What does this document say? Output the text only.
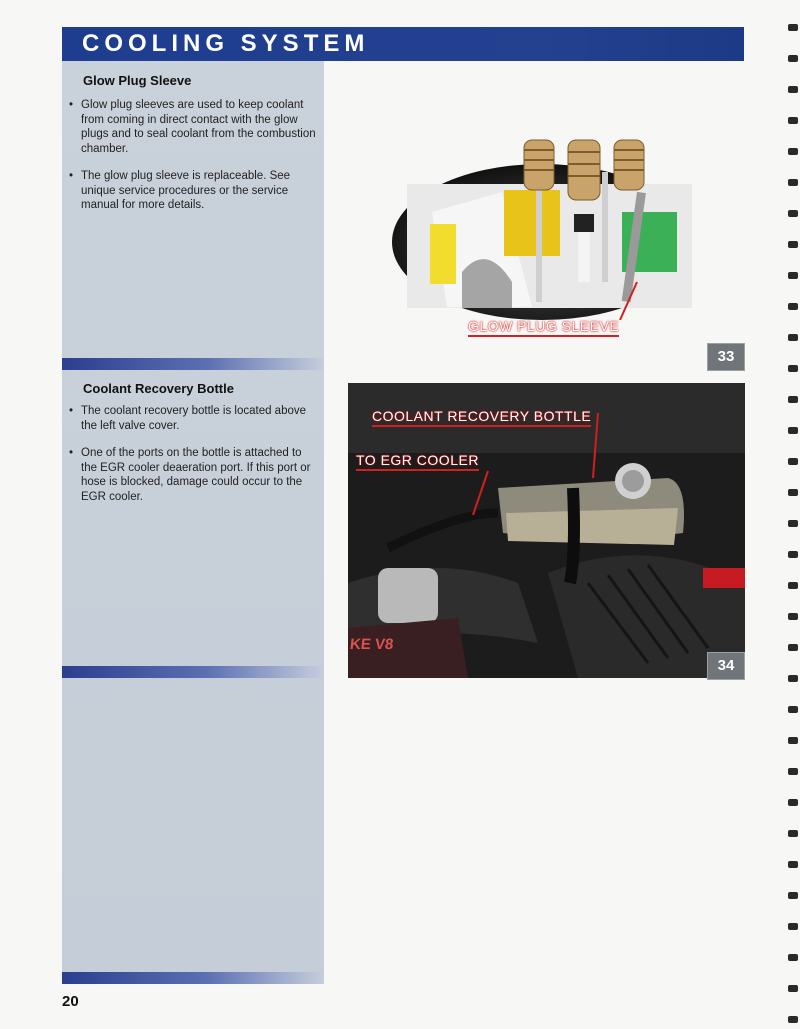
COOLING SYSTEM
Glow Plug Sleeve
• Glow plug sleeves are used to keep coolant from coming in direct contact with the glow plugs and to seal coolant from the combustion chamber.
• The glow plug sleeve is replaceable. See unique service procedures or the service manual for more details.
Coolant Recovery Bottle
• The coolant recovery bottle is located above the left valve cover.
• One of the ports on the bottle is attached to the EGR cooler deaeration port. If this port or hose is blocked, damage could occur to the EGR cooler.
GLOW PLUG SLEEVE
33
KE V8
COOLANT RECOVERY BOTTLE
TO EGR COOLER
34
20
